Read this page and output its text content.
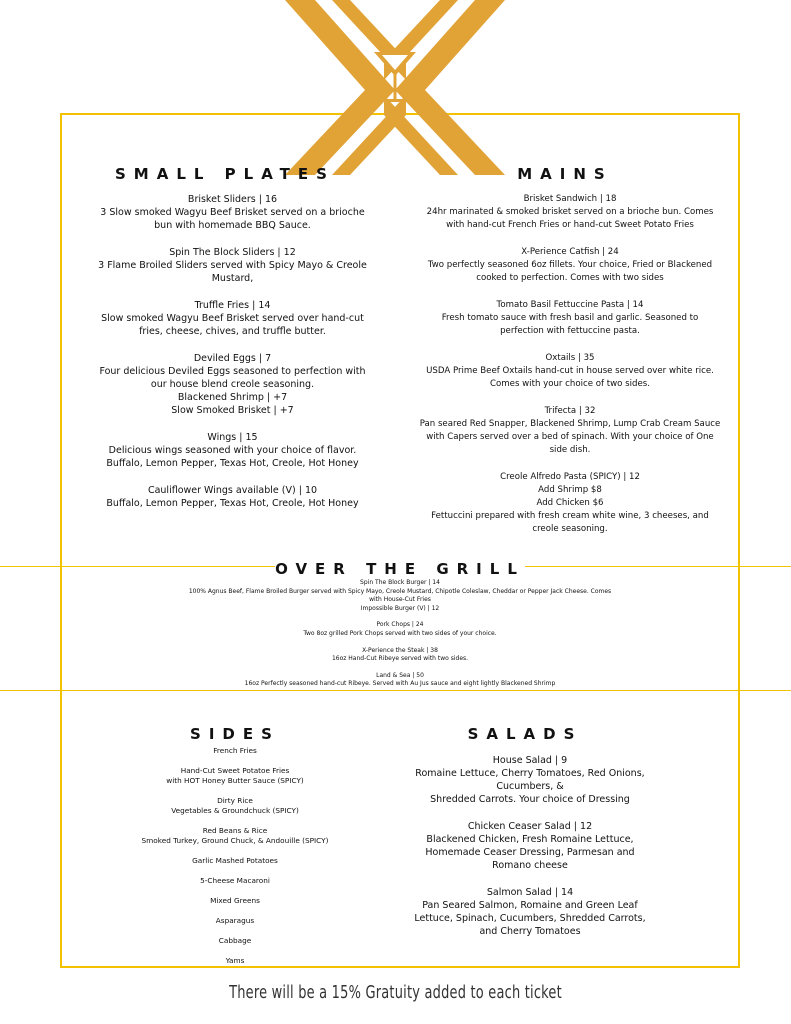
SMALL PLATES
Brisket Sliders | 16
3 Slow smoked Wagyu Beef Brisket served on a brioche
bun with homemade BBQ Sauce.
Spin The Block Sliders | 12
3 Flame Broiled Sliders served with Spicy Mayo & Creole
Mustard,
Truffle Fries | 14
Slow smoked Wagyu Beef Brisket served over hand-cut
fries, cheese, chives, and truffle butter.
Deviled Eggs | 7
Four delicious Deviled Eggs seasoned to perfection with
our house blend creole seasoning.
Blackened Shrimp | +7
Slow Smoked Brisket | +7
Wings | 15
Delicious wings seasoned with your choice of flavor.
Buffalo, Lemon Pepper, Texas Hot, Creole, Hot Honey
Cauliflower Wings available (V) | 10
Buffalo, Lemon Pepper, Texas Hot, Creole, Hot Honey
MAINS
Brisket Sandwich | 18
24hr marinated & smoked brisket served on a brioche bun. Comes
with hand-cut French Fries or hand-cut Sweet Potato Fries
X-Perience Catfish | 24
Two perfectly seasoned 6oz fillets. Your choice, Fried or Blackened
cooked to perfection. Comes with two sides
Tomato Basil Fettuccine Pasta | 14
Fresh tomato sauce with fresh basil and garlic. Seasoned to
perfection with fettuccine pasta.
Oxtails | 35
USDA Prime Beef Oxtails hand-cut in house served over white rice.
Comes with your choice of two sides.
Trifecta | 32
Pan seared Red Snapper, Blackened Shrimp, Lump Crab Cream Sauce
with Capers served over a bed of spinach. With your choice of One
side dish.
Creole Alfredo Pasta (SPICY) | 12
Add Shrimp $8
Add Chicken $6
Fettuccini prepared with fresh cream white wine, 3 cheeses, and
creole seasoning.
OVER THE GRILL
Spin The Block Burger | 14
100% Agnus Beef, Flame Broiled Burger served with Spicy Mayo, Creole Mustard, Chipotle Coleslaw, Cheddar or Pepper Jack Cheese. Comes
with House-Cut Fries
Impossible Burger (V) | 12
Pork Chops | 24
Two 8oz grilled Pork Chops served with two sides of your choice.
X-Perience the Steak | 38
16oz Hand-Cut Ribeye served with two sides.
Land & Sea | 50
16oz Perfectly seasoned hand-cut Ribeye. Served with Au Jus sauce and eight lightly Blackened Shrimp
SIDES
French Fries
Hand-Cut Sweet Potatoe Fries
with HOT Honey Butter Sauce (SPICY)
Dirty Rice
Vegetables & Groundchuck (SPICY)
Red Beans & Rice
Smoked Turkey, Ground Chuck, & Andouille (SPICY)
Garlic Mashed Potatoes
5-Cheese Macaroni
Mixed Greens
Asparagus
Cabbage
Yams
SALADS
House Salad | 9
Romaine Lettuce, Cherry Tomatoes, Red Onions,
Cucumbers, &
Shredded Carrots. Your choice of Dressing
Chicken Ceaser Salad | 12
Blackened Chicken, Fresh Romaine Lettuce,
Homemade Ceaser Dressing, Parmesan and
Romano cheese
Salmon Salad | 14
Pan Seared Salmon, Romaine and Green Leaf
Lettuce, Spinach, Cucumbers, Shredded Carrots,
and Cherry Tomatoes
There will be a 15% Gratuity added to each ticket
